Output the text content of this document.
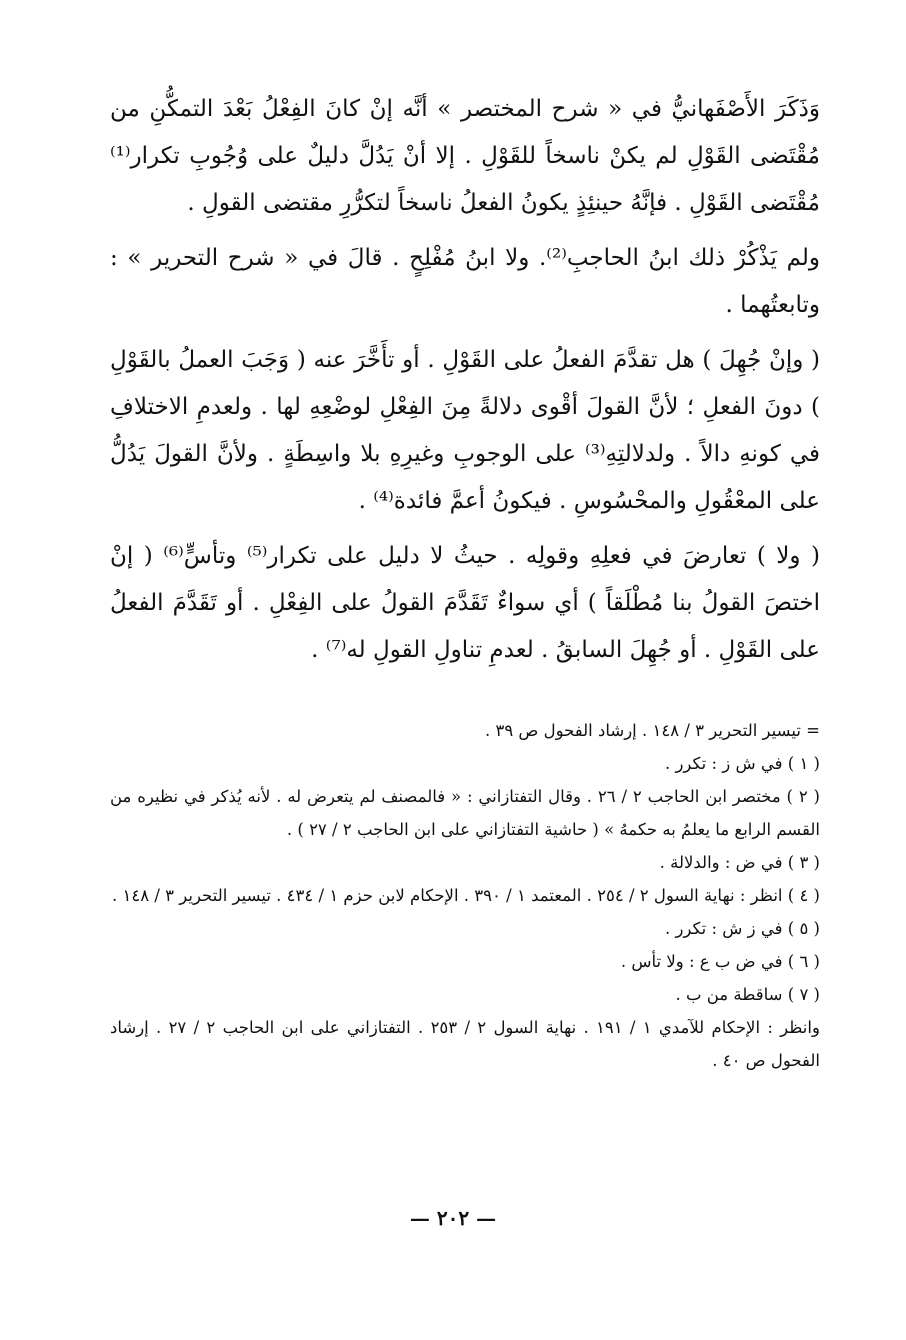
وَذَكَرَ الأَصْفَهانيُّ في « شرح المختصر » أنَّه إنْ كانَ الفِعْلُ بَعْدَ التمكُّنِ من مُقْتَضى القَوْلِ لم يكنْ ناسخاً للقَوْلِ . إلا أنْ يَدُلَّ دليلٌ على وُجُوبِ تكرار⁽¹⁾ مُقْتَضى القَوْلِ . فإنَّهُ حينئِذٍ يكونُ الفعلُ ناسخاً لتكرُّرِ مقتضى القولِ .

ولم يَذْكُرْ ذلك ابنُ الحاجبِ⁽²⁾. ولا ابنُ مُفْلِحٍ . قالَ في « شرح التحرير » : وتابعتُهما .

( وإنْ جُهِلَ ) هل تقدَّمَ الفعلُ على القَوْلِ . أو تأَخَّرَ عنه ( وَجَبَ العملُ بالقَوْلِ ) دونَ الفعلِ ؛ لأنَّ القولَ أقْوى دلالةً مِنَ الفِعْلِ لوضْعِهِ لها . ولعدمِ الاختلافِ في كونهِ دالاً . ولدلالتِهِ⁽³⁾ على الوجوبِ وغيرِهِ بلا واسِطَةٍ . ولأنَّ القولَ يَدُلُّ على المعْقُولِ والمحْسُوسِ . فيكونُ أعمَّ فائدة⁽⁴⁾ .

( ولا ) تعارضَ في فعلِهِ وقولِه . حيثُ لا دليل على تكرار⁽⁵⁾ وتأسٍّ⁽⁶⁾ ( إنْ اختصَ القولُ بنا مُطْلَقاً ) أي سواءٌ تَقَدَّمَ القولُ على الفِعْلِ . أو تَقَدَّمَ الفعلُ على القَوْلِ . أو جُهِلَ السابقُ . لعدمِ تناولِ القولِ له⁽⁷⁾ .

= تيسير التحرير ٣ / ١٤٨ . إرشاد الفحول ص ٣٩ .

( ١ ) في ش ز : تكرر .

( ٢ ) مختصر ابن الحاجب ٢ / ٢٦ . وقال التفتازاني : « فالمصنف لم يتعرض له . لأنه يُذكر في نظيره من القسم الرابع ما يعلمُ به حكمهُ » ( حاشية التفتازاني على ابن الحاجب ٢ / ٢٧ ) .

( ٣ ) في ض : والدلالة .

( ٤ ) انظر : نهاية السول ٢ / ٢٥٤ . المعتمد ١ / ٣٩٠ . الإحكام لابن حزم ١ / ٤٣٤ . تيسير التحرير ٣ / ١٤٨ .

( ٥ ) في ز ش : تكرر .

( ٦ ) في ض ب ع : ولا تأس .

( ٧ ) ساقطة من ب .

وانظر : الإحكام للآمدي ١ / ١٩١ . نهاية السول ٢ / ٢٥٣ . التفتازاني على ابن الحاجب ٢ / ٢٧ . إرشاد الفحول ص ٤٠ .

— ٢٠٢ —
